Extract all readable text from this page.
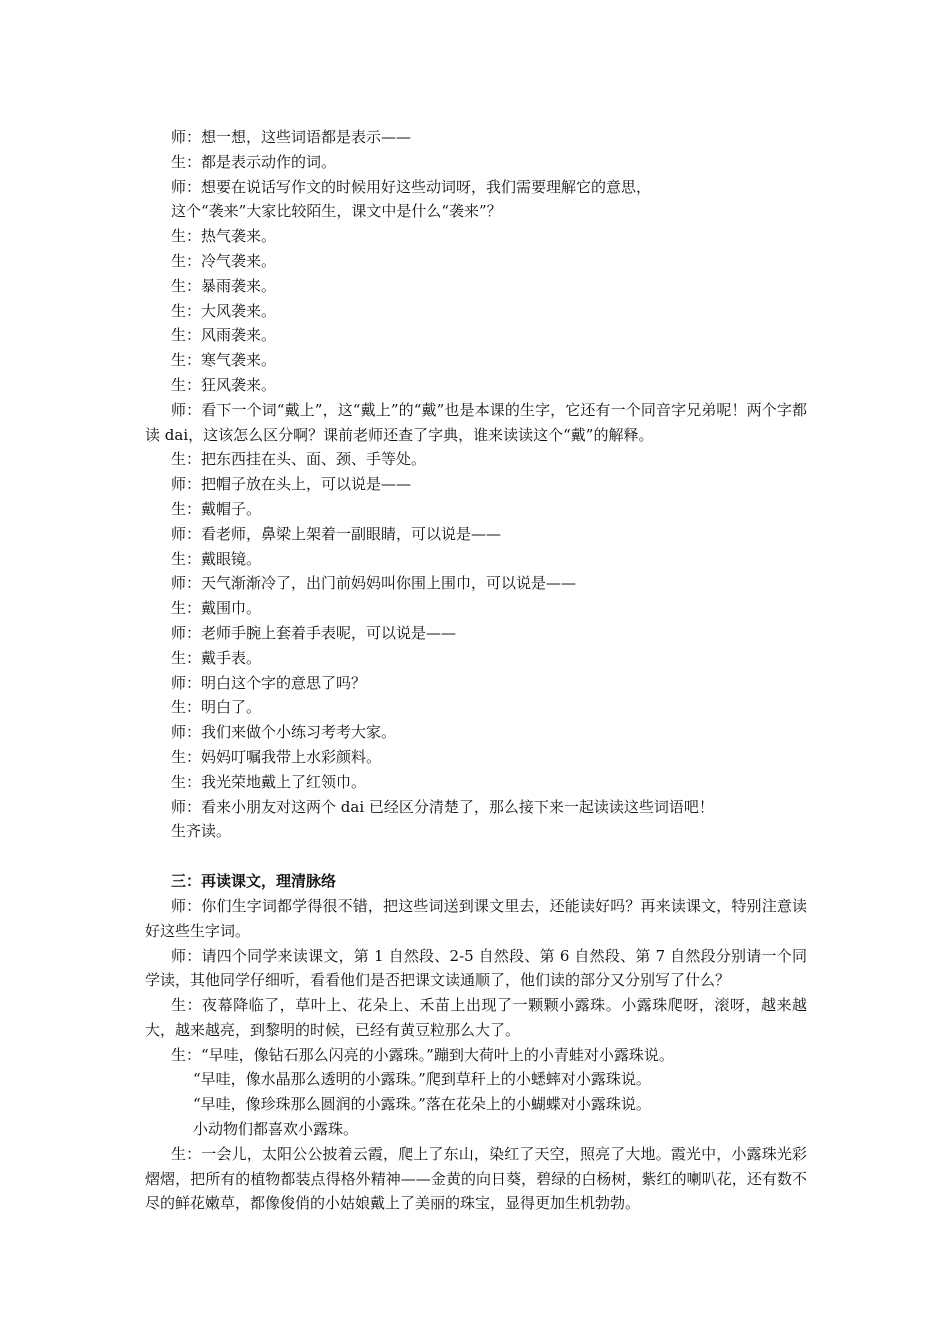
师：想一想，这些词语都是表示——
生：都是表示动作的词。
师：想要在说话写作文的时候用好这些动词呀，我们需要理解它的意思，
这个“袭来”大家比较陌生，课文中是什么“袭来”？
生：热气袭来。
生：冷气袭来。
生：暴雨袭来。
生：大风袭来。
生：风雨袭来。
生：寒气袭来。
生：狂风袭来。
师：看下一个词“戴上”，这“戴上”的“戴”也是本课的生字，它还有一个同音字兄弟呢！两个字都读 dai，这该怎么区分啊？课前老师还查了字典，谁来读读这个“戴”的解释。
生：把东西挂在头、面、颈、手等处。
师：把帽子放在头上，可以说是——
生：戴帽子。
师：看老师，鼻梁上架着一副眼睛，可以说是——
生：戴眼镜。
师：天气渐渐冷了，出门前妈妈叫你围上围巾，可以说是——
生：戴围巾。
师：老师手腕上套着手表呢，可以说是——
生：戴手表。
师：明白这个字的意思了吗？
生：明白了。
师：我们来做个小练习考考大家。
生：妈妈叮嘱我带上水彩颜料。
生：我光荣地戴上了红领巾。
师：看来小朋友对这两个 dai 已经区分清楚了，那么接下来一起读读这些词语吧！
生齐读。
三：再读课文，理清脉络
师：你们生字词都学得很不错，把这些词送到课文里去，还能读好吗？再来读课文，特别注意读好这些生字词。
师：请四个同学来读课文，第 1 自然段、2-5 自然段、第 6 自然段、第 7 自然段分别请一个同学读，其他同学仔细听，看看他们是否把课文读通顺了，他们读的部分又分别写了什么？
生：夜幕降临了，草叶上、花朵上、禾苗上出现了一颗颗小露珠。小露珠爬呀，滚呀，越来越大，越来越亮，到黎明的时候，已经有黄豆粒那么大了。
生：“早哇，像钻石那么闪亮的小露珠。”蹦到大荷叶上的小青蛙对小露珠说。
“早哇，像水晶那么透明的小露珠。”爬到草秆上的小蟋蟀对小露珠说。
“早哇，像珍珠那么圆润的小露珠。”落在花朵上的小蝴蝶对小露珠说。
小动物们都喜欢小露珠。
生：一会儿，太阳公公披着云霞，爬上了东山，染红了天空，照亮了大地。霞光中，小露珠光彩熠熠，把所有的植物都装点得格外精神——金黄的向日葵，碧绿的白杨树，紫红的喇叭花，还有数不尽的鲜花嫩草，都像俊俏的小姑娘戴上了美丽的珠宝，显得更加生机勃勃。
